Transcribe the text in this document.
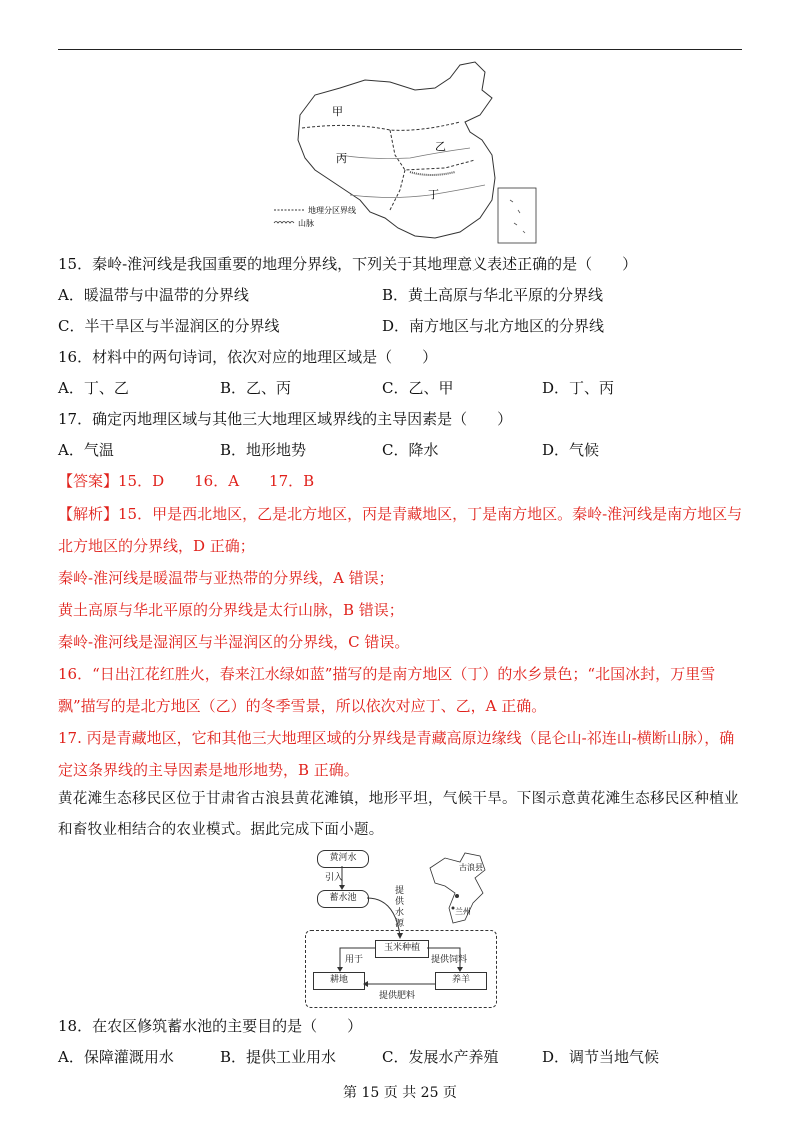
甲
乙
丙
丁
地理分区界线
山脉
15．秦岭-淮河线是我国重要的地理分界线，下列关于其地理意义表述正确的是（　　）
A．暖温带与中温带的分界线	B．黄土高原与华北平原的分界线
C．半干旱区与半湿润区的分界线	D．南方地区与北方地区的分界线
16．材料中的两句诗词，依次对应的地理区域是（　　）
A．丁、乙	B．乙、丙	C．乙、甲	D．丁、丙
17．确定丙地理区域与其他三大地理区域界线的主导因素是（　　）
A．气温	B．地形地势	C．降水	D．气候
【答案】15．D　　16．A　　17．B
【解析】15．甲是西北地区，乙是北方地区，丙是青藏地区，丁是南方地区。秦岭-淮河线是南方地区与北方地区的分界线，D 正确；
秦岭-淮河线是暖温带与亚热带的分界线，A 错误；
黄土高原与华北平原的分界线是太行山脉，B 错误；
秦岭-淮河线是湿润区与半湿润区的分界线，C 错误。
16．“日出江花红胜火，春来江水绿如蓝”描写的是南方地区（丁）的水乡景色；“北国冰封，万里雪飘”描写的是北方地区（乙）的冬季雪景，所以依次对应丁、乙，A 正确。
17. 丙是青藏地区，它和其他三大地理区域的分界线是青藏高原边缘线（昆仑山-祁连山-横断山脉），确定这条界线的主导因素是地形地势，B 正确。
黄花滩生态移民区位于甘肃省古浪县黄花滩镇，地形平坦，气候干旱。下图示意黄花滩生态移民区种植业和畜牧业相结合的农业模式。据此完成下面小题。
黄河水
引入
蓄水池
提供水源
玉米种植
用于	提供饲料
耕地	养羊
提供肥料
古浪县
兰州
18．在农区修筑蓄水池的主要目的是（　　）
A．保障灌溉用水	B．提供工业用水	C．发展水产养殖	D．调节当地气候
第 15 页 共 25 页
